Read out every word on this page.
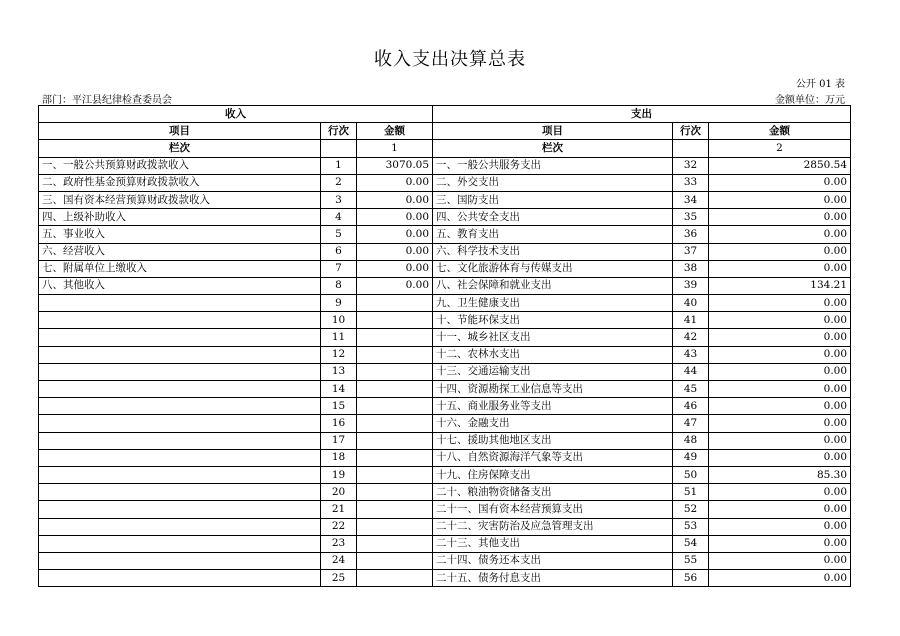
收入支出决算总表
公开 01 表
部门：平江县纪律检查委员会	金额单位：万元
收入			支出		
项目	行次	金额	项目	行次	金额
栏次		1	栏次		2
一、一般公共预算财政拨款收入	1	3070.05	一、一般公共服务支出	32	2850.54
二、政府性基金预算财政拨款收入	2	0.00	二、外交支出	33	0.00
三、国有资本经营预算财政拨款收入	3	0.00	三、国防支出	34	0.00
四、上级补助收入	4	0.00	四、公共安全支出	35	0.00
五、事业收入	5	0.00	五、教育支出	36	0.00
六、经营收入	6	0.00	六、科学技术支出	37	0.00
七、附属单位上缴收入	7	0.00	七、文化旅游体育与传媒支出	38	0.00
八、其他收入	8	0.00	八、社会保障和就业支出	39	134.21
	9		九、卫生健康支出	40	0.00
	10		十、节能环保支出	41	0.00
	11		十一、城乡社区支出	42	0.00
	12		十二、农林水支出	43	0.00
	13		十三、交通运输支出	44	0.00
	14		十四、资源勘探工业信息等支出	45	0.00
	15		十五、商业服务业等支出	46	0.00
	16		十六、金融支出	47	0.00
	17		十七、援助其他地区支出	48	0.00
	18		十八、自然资源海洋气象等支出	49	0.00
	19		十九、住房保障支出	50	85.30
	20		二十、粮油物资储备支出	51	0.00
	21		二十一、国有资本经营预算支出	52	0.00
	22		二十二、灾害防治及应急管理支出	53	0.00
	23		二十三、其他支出	54	0.00
	24		二十四、债务还本支出	55	0.00
	25		二十五、债务付息支出	56	0.00
